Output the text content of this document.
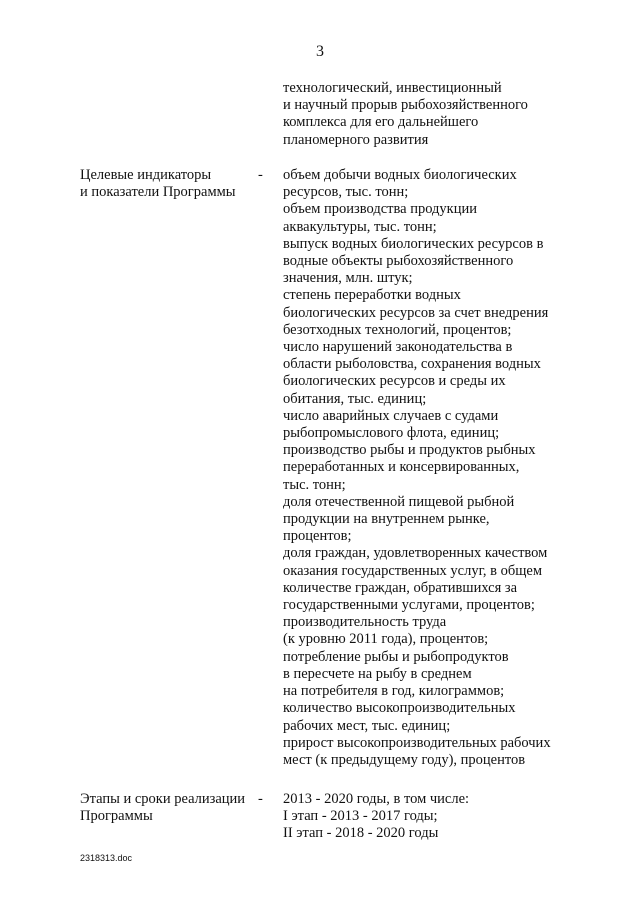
3
технологический, инвестиционный
и научный прорыв рыбохозяйственного
комплекса для его дальнейшего
планомерного развития
Целевые индикаторы
и показатели Программы
- объем добычи водных биологических
ресурсов, тыс. тонн;
объем производства продукции
аквакультуры, тыс. тонн;
выпуск водных биологических ресурсов в
водные объекты рыбохозяйственного
значения, млн. штук;
степень переработки водных
биологических ресурсов за счет внедрения
безотходных технологий, процентов;
число нарушений законодательства в
области рыболовства, сохранения водных
биологических ресурсов и среды их
обитания, тыс. единиц;
число аварийных случаев с судами
рыбопромыслового флота, единиц;
производство рыбы и продуктов рыбных
переработанных и консервированных,
тыс. тонн;
доля отечественной пищевой рыбной
продукции на внутреннем рынке,
процентов;
доля граждан, удовлетворенных качеством
оказания государственных услуг, в общем
количестве граждан, обратившихся за
государственными услугами, процентов;
производительность труда
(к уровню 2011 года), процентов;
потребление рыбы и рыбопродуктов
в пересчете на рыбу в среднем
на потребителя в год, килограммов;
количество высокопроизводительных
рабочих мест, тыс. единиц;
прирост высокопроизводительных рабочих
мест (к предыдущему году), процентов
Этапы и сроки реализации
Программы
- 2013 - 2020 годы, в том числе:
I этап - 2013 - 2017 годы;
II этап - 2018 - 2020 годы
2318313.doc
